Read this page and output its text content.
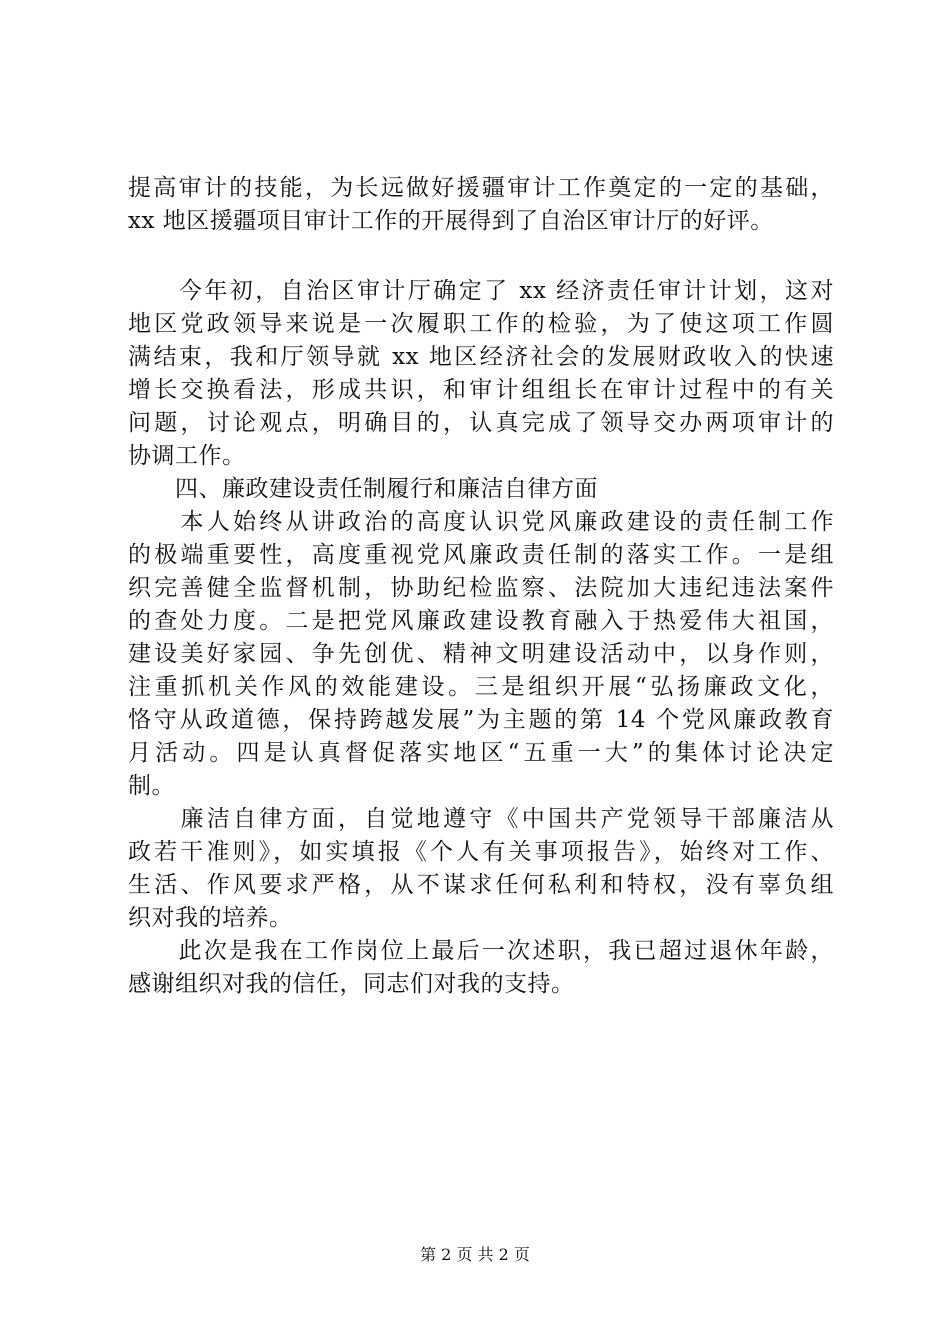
提高审计的技能，为长远做好援疆审计工作奠定的一定的基础，
xx 地区援疆项目审计工作的开展得到了自治区审计厅的好评。
　　今年初，自治区审计厅确定了 xx 经济责任审计计划，这对
地区党政领导来说是一次履职工作的检验，为了使这项工作圆
满结束，我和厅领导就 xx 地区经济社会的发展财政收入的快速
增长交换看法，形成共识，和审计组组长在审计过程中的有关
问题，讨论观点，明确目的，认真完成了领导交办两项审计的
协调工作。
　　四、廉政建设责任制履行和廉洁自律方面
　　本人始终从讲政治的高度认识党风廉政建设的责任制工作
的极端重要性，高度重视党风廉政责任制的落实工作。一是组
织完善健全监督机制，协助纪检监察、法院加大违纪违法案件
的查处力度。二是把党风廉政建设教育融入于热爱伟大祖国，
建设美好家园、争先创优、精神文明建设活动中，以身作则，
注重抓机关作风的效能建设。三是组织开展“弘扬廉政文化，
恪守从政道德，保持跨越发展”为主题的第 14 个党风廉政教育
月活动。四是认真督促落实地区“五重一大”的集体讨论决定
制。
　　廉洁自律方面，自觉地遵守《中国共产党领导干部廉洁从
政若干准则》，如实填报《个人有关事项报告》，始终对工作、
生活、作风要求严格，从不谋求任何私利和特权，没有辜负组
织对我的培养。
　　此次是我在工作岗位上最后一次述职，我已超过退休年龄，
感谢组织对我的信任，同志们对我的支持。
第 2 页 共 2 页
